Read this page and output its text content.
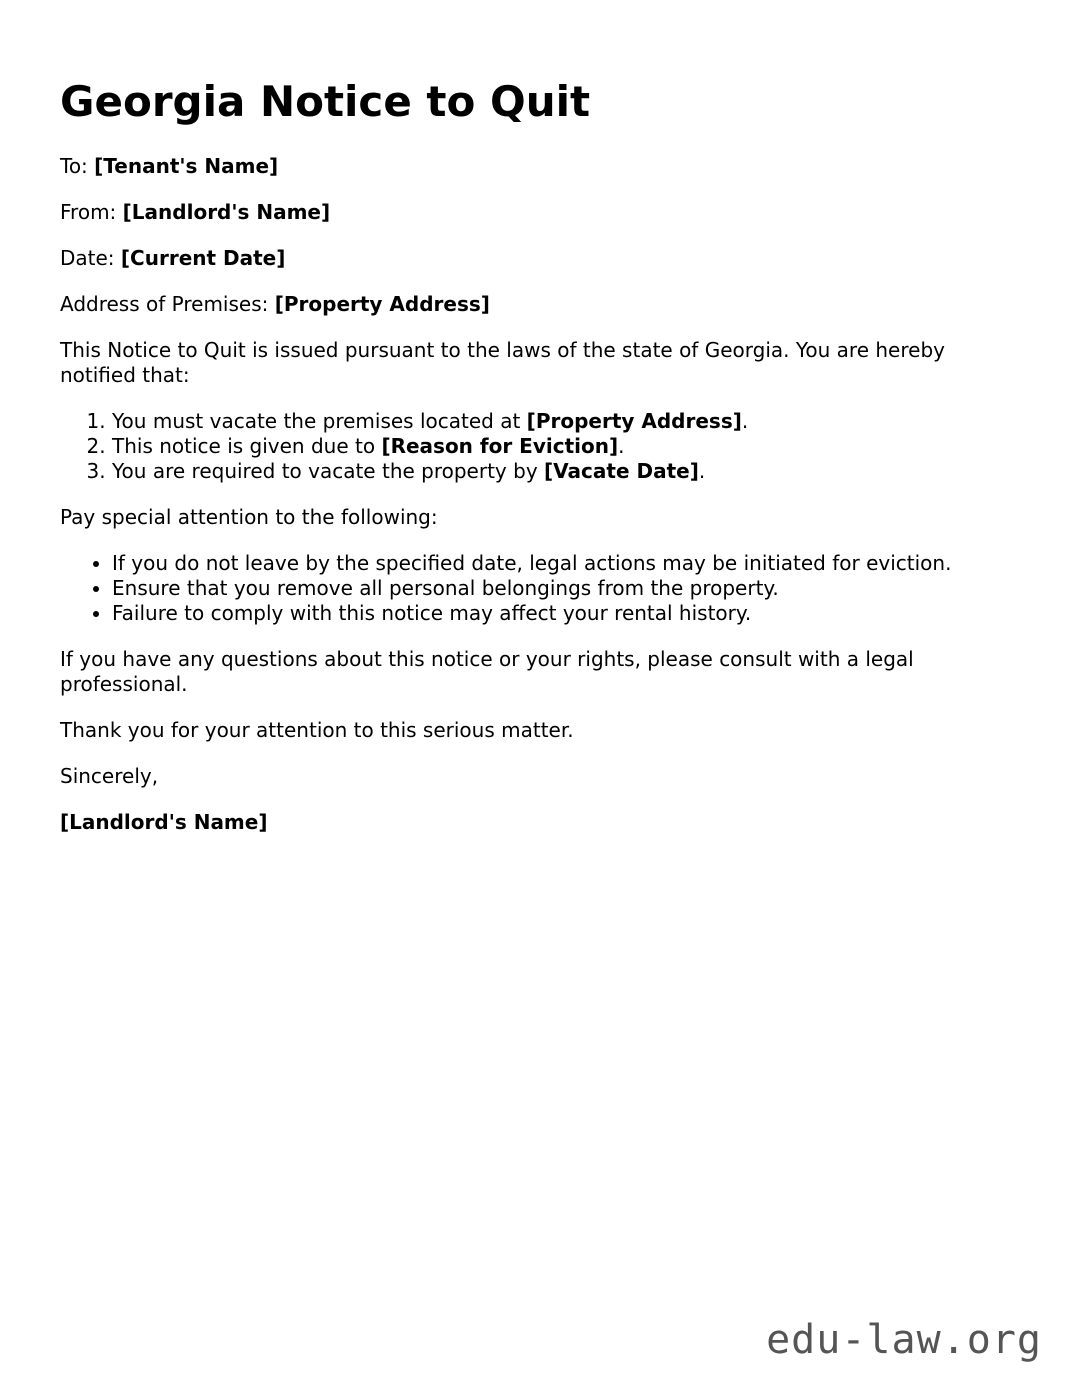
Georgia Notice to Quit

To: [Tenant's Name]

From: [Landlord's Name]

Date: [Current Date]

Address of Premises: [Property Address]

This Notice to Quit is issued pursuant to the laws of the state of Georgia. You are hereby notified that:

1. You must vacate the premises located at [Property Address].
2. This notice is given due to [Reason for Eviction].
3. You are required to vacate the property by [Vacate Date].

Pay special attention to the following:

• If you do not leave by the specified date, legal actions may be initiated for eviction.
• Ensure that you remove all personal belongings from the property.
• Failure to comply with this notice may affect your rental history.

If you have any questions about this notice or your rights, please consult with a legal professional.

Thank you for your attention to this serious matter.

Sincerely,

[Landlord's Name]

edu-law.org
